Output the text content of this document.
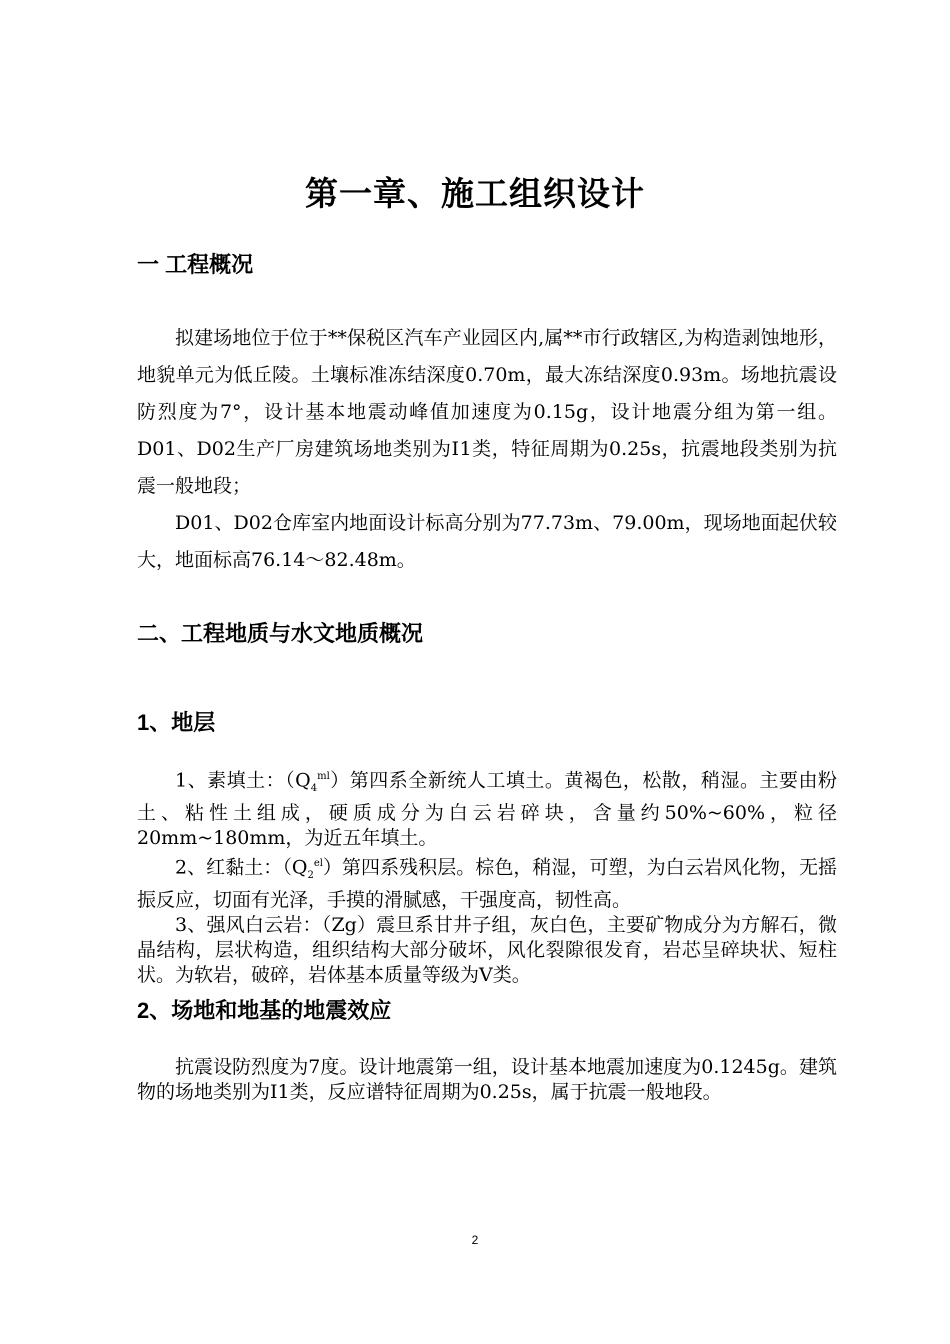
第一章、施工组织设计
一 工程概况
拟建场地位于位于**保税区汽车产业园区内,属**市行政辖区,为构造剥蚀地形，地貌单元为低丘陵。土壤标准冻结深度0.70m，最大冻结深度0.93m。场地抗震设防烈度为7°，设计基本地震动峰值加速度为0.15g，设计地震分组为第一组。D01、D02生产厂房建筑场地类别为Ⅰ1类，特征周期为0.25s，抗震地段类别为抗震一般地段；
D01、D02仓库室内地面设计标高分别为77.73m、79.00m，现场地面起伏较大，地面标高76.14～82.48m。
二、工程地质与水文地质概况
1、地层
1、素填土：$(Q_4^{ml})$第四系全新统人工填土。黄褐色，松散，稍湿。主要由粉土、粘性土组成，硬质成分为白云岩碎块，含量约50%~60%，粒径20mm~180mm，为近五年填土。
2、红黏土：$(Q_2^{el})$第四系残积层。棕色，稍湿，可塑，为白云岩风化物，无摇振反应，切面有光泽，手摸的滑腻感，干强度高，韧性高。
3、强风白云岩：（Zg）震旦系甘井子组，灰白色，主要矿物成分为方解石，微晶结构，层状构造，组织结构大部分破坏，风化裂隙很发育，岩芯呈碎块状、短柱状。为软岩，破碎，岩体基本质量等级为Ⅴ类。
2、场地和地基的地震效应
抗震设防烈度为7度。设计地震第一组，设计基本地震加速度为0.1245g。建筑物的场地类别为Ⅰ1类，反应谱特征周期为0.25s，属于抗震一般地段。
2
